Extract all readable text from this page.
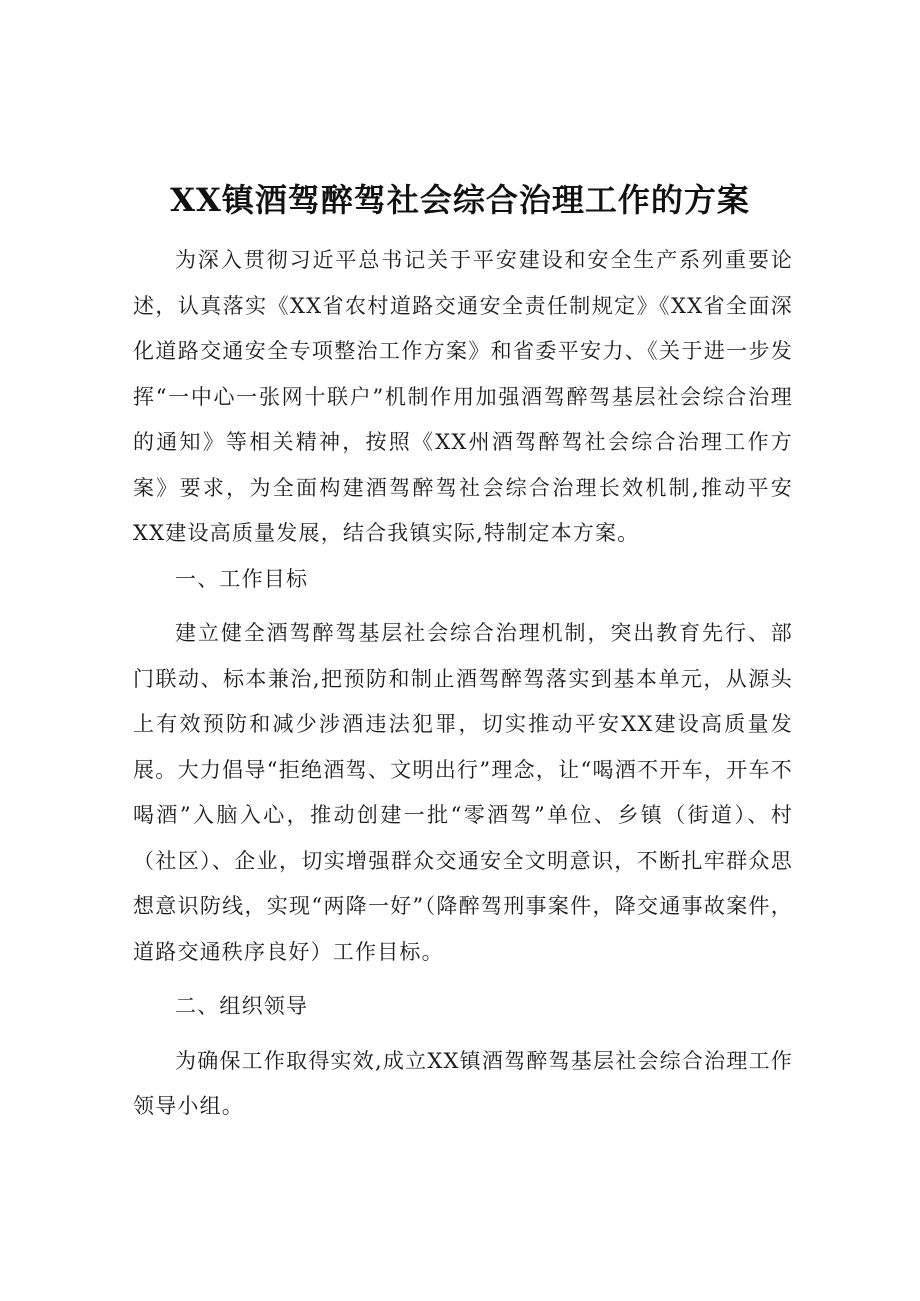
XX镇酒驾醉驾社会综合治理工作的方案

为深入贯彻习近平总书记关于平安建设和安全生产系列重要论述，认真落实《XX省农村道路交通安全责任制规定》《XX省全面深化道路交通安全专项整治工作方案》和省委平安力、《关于进一步发挥“一中心一张网十联户”机制作用加强酒驾醉驾基层社会综合治理的通知》等相关精神，按照《XX州酒驾醉驾社会综合治理工作方案》要求，为全面构建酒驾醉驾社会综合治理长效机制,推动平安XX建设高质量发展，结合我镇实际,特制定本方案。

一、工作目标

建立健全酒驾醉驾基层社会综合治理机制，突出教育先行、部门联动、标本兼治,把预防和制止酒驾醉驾落实到基本单元，从源头上有效预防和减少涉酒违法犯罪，切实推动平安XX建设高质量发展。大力倡导“拒绝酒驾、文明出行”理念，让“喝酒不开车，开车不喝酒”入脑入心，推动创建一批“零酒驾”单位、乡镇（街道）、村（社区）、企业，切实增强群众交通安全文明意识，不断扎牢群众思想意识防线，实现“两降一好”（降醉驾刑事案件，降交通事故案件，道路交通秩序良好）工作目标。

二、组织领导

为确保工作取得实效,成立XX镇酒驾醉驾基层社会综合治理工作领导小组。
